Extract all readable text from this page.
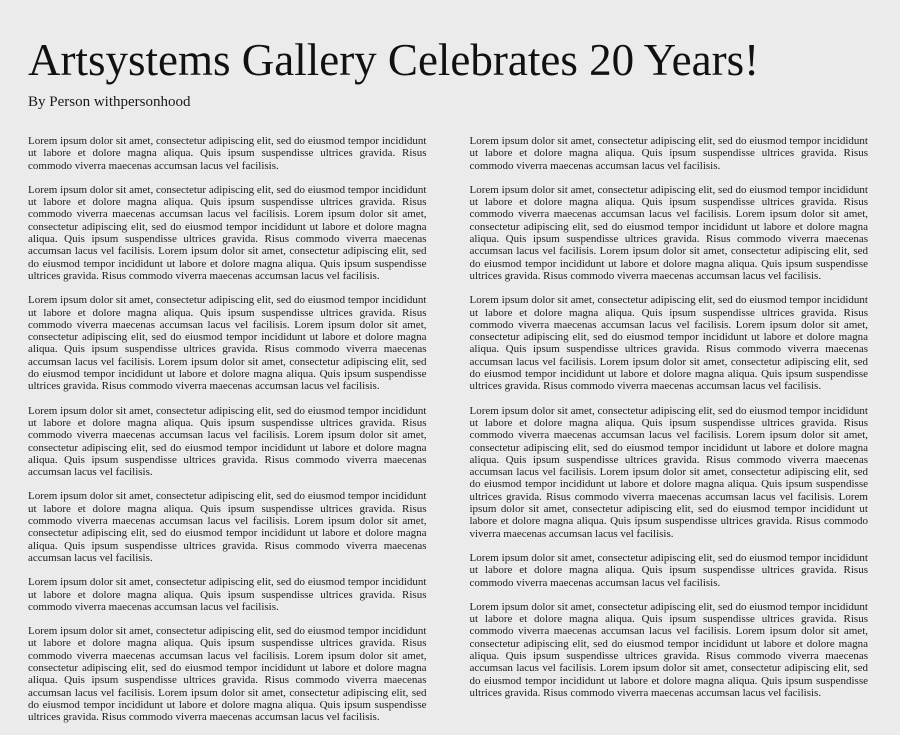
Artsystems Gallery Celebrates 20 Years!
By Person withpersonhood

Lorem ipsum dolor sit amet, consectetur adipiscing elit, sed do eiusmod tempor incididunt ut labore et dolore magna aliqua. Quis ipsum suspendisse ultrices gravida. Risus commodo viverra maecenas accumsan lacus vel facilisis.

Lorem ipsum dolor sit amet, consectetur adipiscing elit, sed do eiusmod tempor incididunt ut labore et dolore magna aliqua. Quis ipsum suspendisse ultrices gravida. Risus commodo viverra maecenas accumsan lacus vel facilisis. Lorem ipsum dolor sit amet, consectetur adipiscing elit, sed do eiusmod tempor incididunt ut labore et dolore magna aliqua. Quis ipsum suspendisse ultrices gravida. Risus commodo viverra maecenas accumsan lacus vel facilisis. Lorem ipsum dolor sit amet, consectetur adipiscing elit, sed do eiusmod tempor incididunt ut labore et dolore magna aliqua. Quis ipsum suspendisse ultrices gravida. Risus commodo viverra maecenas accumsan lacus vel facilisis.

Lorem ipsum dolor sit amet, consectetur adipiscing elit, sed do eiusmod tempor incididunt ut labore et dolore magna aliqua. Quis ipsum suspendisse ultrices gravida. Risus commodo viverra maecenas accumsan lacus vel facilisis. Lorem ipsum dolor sit amet, consectetur adipiscing elit, sed do eiusmod tempor incididunt ut labore et dolore magna aliqua. Quis ipsum suspendisse ultrices gravida. Risus commodo viverra maecenas accumsan lacus vel facilisis. Lorem ipsum dolor sit amet, consectetur adipiscing elit, sed do eiusmod tempor incididunt ut labore et dolore magna aliqua. Quis ipsum suspendisse ultrices gravida. Risus commodo viverra maecenas accumsan lacus vel facilisis.

Lorem ipsum dolor sit amet, consectetur adipiscing elit, sed do eiusmod tempor incididunt ut labore et dolore magna aliqua. Quis ipsum suspendisse ultrices gravida. Risus commodo viverra maecenas accumsan lacus vel facilisis. Lorem ipsum dolor sit amet, consectetur adipiscing elit, sed do eiusmod tempor incididunt ut labore et dolore magna aliqua. Quis ipsum suspendisse ultrices gravida. Risus commodo viverra maecenas accumsan lacus vel facilisis.

Lorem ipsum dolor sit amet, consectetur adipiscing elit, sed do eiusmod tempor incididunt ut labore et dolore magna aliqua. Quis ipsum suspendisse ultrices gravida. Risus commodo viverra maecenas accumsan lacus vel facilisis. Lorem ipsum dolor sit amet, consectetur adipiscing elit, sed do eiusmod tempor incididunt ut labore et dolore magna aliqua. Quis ipsum suspendisse ultrices gravida. Risus commodo viverra maecenas accumsan lacus vel facilisis.

Lorem ipsum dolor sit amet, consectetur adipiscing elit, sed do eiusmod tempor incididunt ut labore et dolore magna aliqua. Quis ipsum suspendisse ultrices gravida. Risus commodo viverra maecenas accumsan lacus vel facilisis.

Lorem ipsum dolor sit amet, consectetur adipiscing elit, sed do eiusmod tempor incididunt ut labore et dolore magna aliqua. Quis ipsum suspendisse ultrices gravida. Risus commodo viverra maecenas accumsan lacus vel facilisis. Lorem ipsum dolor sit amet, consectetur adipiscing elit, sed do eiusmod tempor incididunt ut labore et dolore magna aliqua. Quis ipsum suspendisse ultrices gravida. Risus commodo viverra maecenas accumsan lacus vel facilisis. Lorem ipsum dolor sit amet, consectetur adipiscing elit, sed do eiusmod tempor incididunt ut labore et dolore magna aliqua. Quis ipsum suspendisse ultrices gravida. Risus commodo viverra maecenas accumsan lacus vel facilisis.

Lorem ipsum dolor sit amet, consectetur adipiscing elit, sed do eiusmod tempor incididunt ut labore et dolore magna aliqua. Quis ipsum suspendisse ultrices gravida. Risus commodo viverra maecenas accumsan lacus vel facilisis.

Lorem ipsum dolor sit amet, consectetur adipiscing elit, sed do eiusmod tempor incididunt ut labore et dolore magna aliqua. Quis ipsum suspendisse ultrices gravida. Risus commodo viverra maecenas accumsan lacus vel facilisis. Lorem ipsum dolor sit amet, consectetur adipiscing elit, sed do eiusmod tempor incididunt ut labore et dolore magna aliqua. Quis ipsum suspendisse ultrices gravida. Risus commodo viverra maecenas accumsan lacus vel facilisis. Lorem ipsum dolor sit amet, consectetur adipiscing elit, sed do eiusmod tempor incididunt ut labore et dolore magna aliqua. Quis ipsum suspendisse ultrices gravida. Risus commodo viverra maecenas accumsan lacus vel facilisis.

Lorem ipsum dolor sit amet, consectetur adipiscing elit, sed do eiusmod tempor incididunt ut labore et dolore magna aliqua. Quis ipsum suspendisse ultrices gravida. Risus commodo viverra maecenas accumsan lacus vel facilisis. Lorem ipsum dolor sit amet, consectetur adipiscing elit, sed do eiusmod tempor incididunt ut labore et dolore magna aliqua. Quis ipsum suspendisse ultrices gravida. Risus commodo viverra maecenas accumsan lacus vel facilisis. Lorem ipsum dolor sit amet, consectetur adipiscing elit, sed do eiusmod tempor incididunt ut labore et dolore magna aliqua. Quis ipsum suspendisse ultrices gravida. Risus commodo viverra maecenas accumsan lacus vel facilisis.

Lorem ipsum dolor sit amet, consectetur adipiscing elit, sed do eiusmod tempor incididunt ut labore et dolore magna aliqua. Quis ipsum suspendisse ultrices gravida. Risus commodo viverra maecenas accumsan lacus vel facilisis. Lorem ipsum dolor sit amet, consectetur adipiscing elit, sed do eiusmod tempor incididunt ut labore et dolore magna aliqua. Quis ipsum suspendisse ultrices gravida. Risus commodo viverra maecenas accumsan lacus vel facilisis. Lorem ipsum dolor sit amet, consectetur adipiscing elit, sed do eiusmod tempor incididunt ut labore et dolore magna aliqua. Quis ipsum suspendisse ultrices gravida. Risus commodo viverra maecenas accumsan lacus vel facilisis. Lorem ipsum dolor sit amet, consectetur adipiscing elit, sed do eiusmod tempor incididunt ut labore et dolore magna aliqua. Quis ipsum suspendisse ultrices gravida. Risus commodo viverra maecenas accumsan lacus vel facilisis.

Lorem ipsum dolor sit amet, consectetur adipiscing elit, sed do eiusmod tempor incididunt ut labore et dolore magna aliqua. Quis ipsum suspendisse ultrices gravida. Risus commodo viverra maecenas accumsan lacus vel facilisis.

Lorem ipsum dolor sit amet, consectetur adipiscing elit, sed do eiusmod tempor incididunt ut labore et dolore magna aliqua. Quis ipsum suspendisse ultrices gravida. Risus commodo viverra maecenas accumsan lacus vel facilisis. Lorem ipsum dolor sit amet, consectetur adipiscing elit, sed do eiusmod tempor incididunt ut labore et dolore magna aliqua. Quis ipsum suspendisse ultrices gravida. Risus commodo viverra maecenas accumsan lacus vel facilisis. Lorem ipsum dolor sit amet, consectetur adipiscing elit, sed do eiusmod tempor incididunt ut labore et dolore magna aliqua. Quis ipsum suspendisse ultrices gravida. Risus commodo viverra maecenas accumsan lacus vel facilisis.
